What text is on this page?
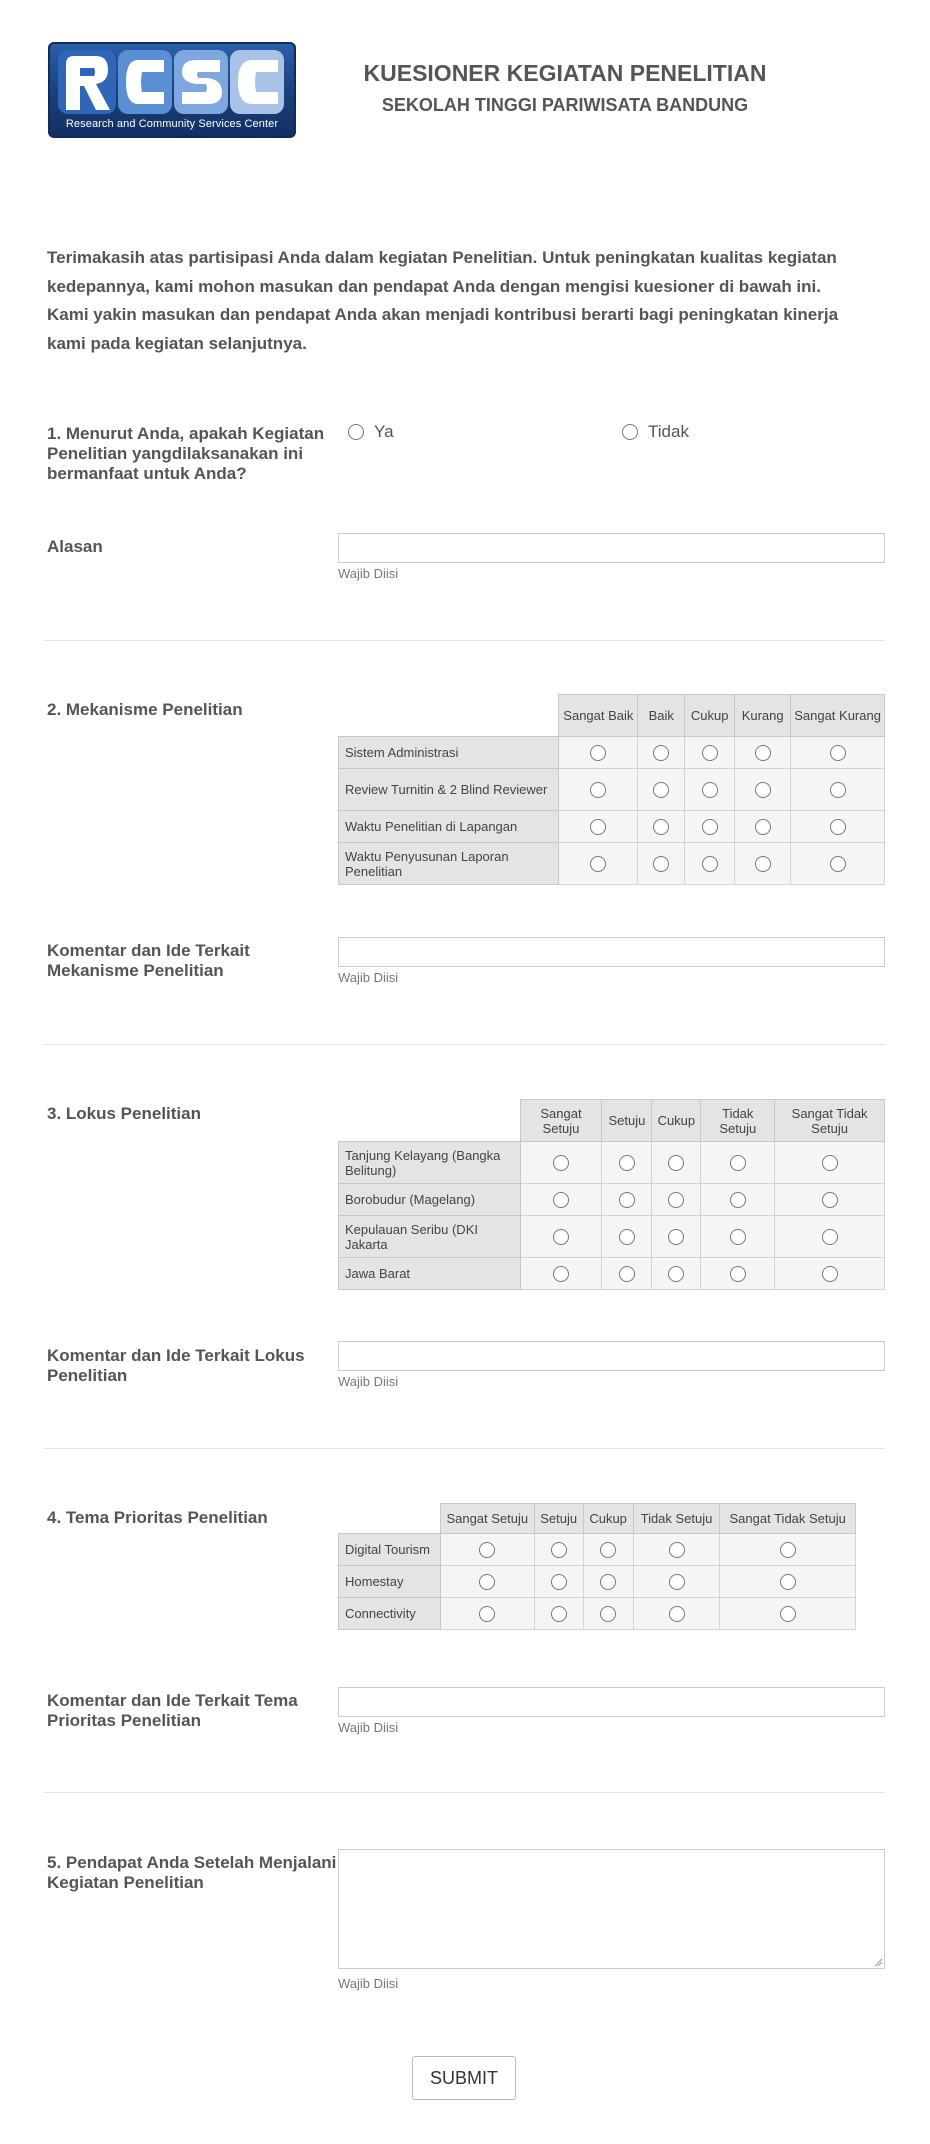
Research and Community Services Center
KUESIONER KEGIATAN PENELITIAN
SEKOLAH TINGGI PARIWISATA BANDUNG
Terimakasih atas partisipasi Anda dalam kegiatan Penelitian. Untuk peningkatan kualitas kegiatan kedepannya, kami mohon masukan dan pendapat Anda dengan mengisi kuesioner di bawah ini. Kami yakin masukan dan pendapat Anda akan menjadi kontribusi berarti bagi peningkatan kinerja kami pada kegiatan selanjutnya.
1. Menurut Anda, apakah Kegiatan Penelitian yangdilaksanakan ini bermanfaat untuk Anda?
Ya	Tidak
Alasan
Wajib Diisi
2. Mekanisme Penelitian
		Sangat Baik	Baik	Cukup	Kurang	Sangat Kurang
Sistem Administrasi					
Review Turnitin & 2 Blind Reviewer					
Waktu Penelitian di Lapangan					
Waktu Penyusunan Laporan Penelitian					
Komentar dan Ide Terkait Mekanisme Penelitian	Wajib Diisi
3. Lokus Penelitian
		Sangat Setuju	Setuju	Cukup	Tidak Setuju	Sangat Tidak Setuju
Tanjung Kelayang (Bangka Belitung)					
Borobudur (Magelang)					
Kepulauan Seribu (DKI Jakarta					
Jawa Barat					
Komentar dan Ide Terkait Lokus Penelitian	Wajib Diisi
4. Tema Prioritas Penelitian
		Sangat Setuju	Setuju	Cukup	Tidak Setuju	Sangat Tidak Setuju
Digital Tourism					
Homestay					
Connectivity					
Komentar dan Ide Terkait Tema Prioritas Penelitian	Wajib Diisi
5. Pendapat Anda Setelah Menjalani Kegiatan Penelitian
Wajib Diisi
SUBMIT
